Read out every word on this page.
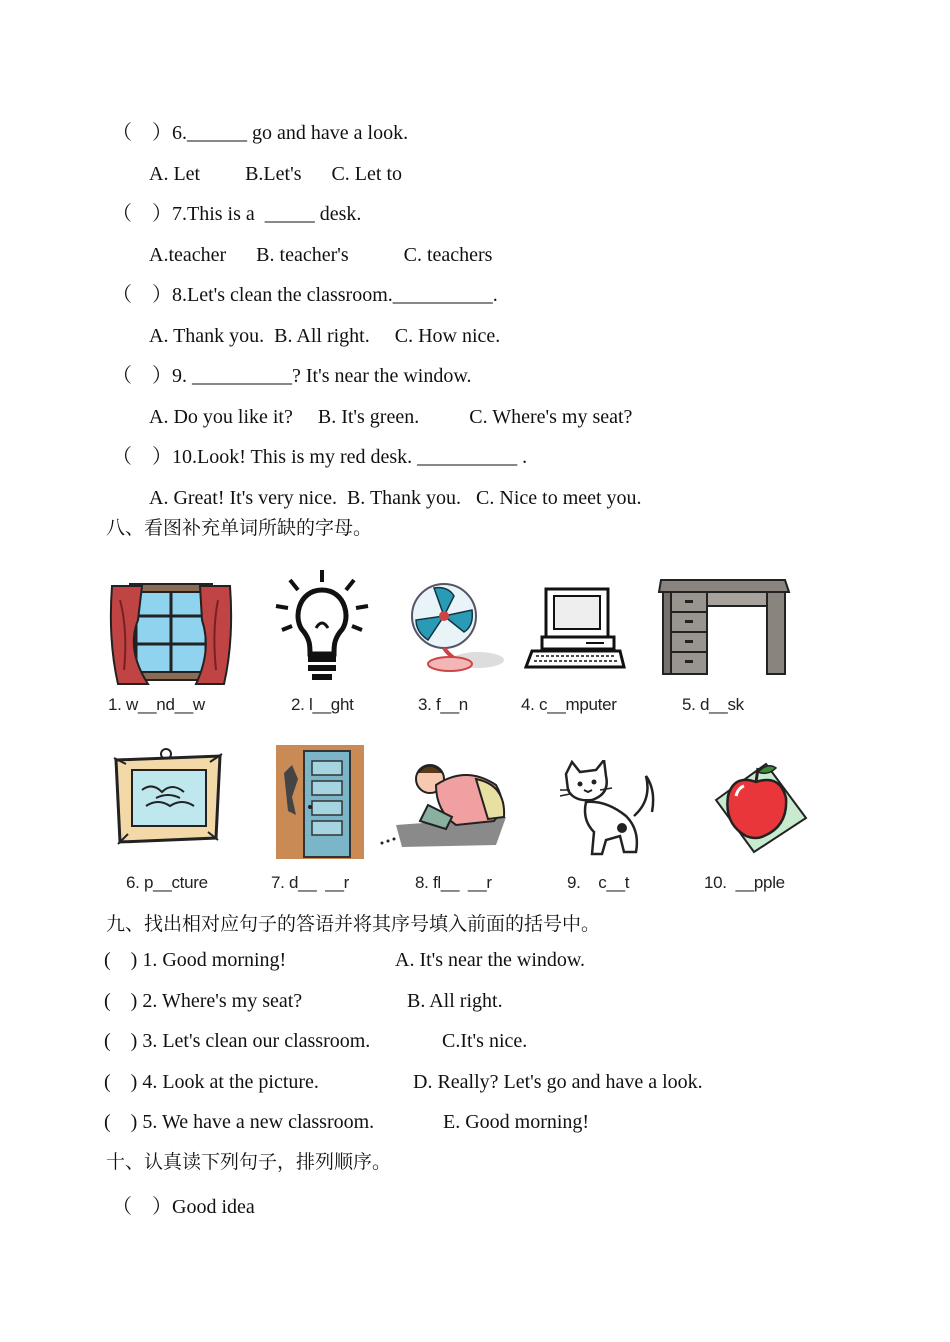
（    ）6.______ go and have a look.
A. Let         B.Let's      C. Let to
（    ）7.This is a  _____ desk.
A.teacher      B. teacher's           C. teachers
（    ）8.Let's clean the classroom.__________.
A. Thank you.  B. All right.     C. How nice.
（    ）9. __________? It's near the window.
A. Do you like it?     B. It's green.          C. Where's my seat?
（    ）10.Look! This is my red desk. __________ .
A. Great! It's very nice.  B. Thank you.   C. Nice to meet you.
八、看图补充单词所缺的字母。
1. w__nd__w	2. l__ght	3. f__n	4. c__mputer	5. d__sk
6. p__cture	7. d__  __r	8. fl__  __r	9.    c__t	10.  __pple
九、找出相对应句子的答语并将其序号填入前面的括号中。
(    ) 1. Good morning!	A. It's near the window.
(    ) 2. Where's my seat?	B. All right.
(    ) 3. Let's clean our classroom.	C.It's nice.
(    ) 4. Look at the picture.	D. Really? Let's go and have a look.
(    ) 5. We have a new classroom.	E. Good morning!
十、认真读下列句子，排列顺序。
（    ）Good idea
